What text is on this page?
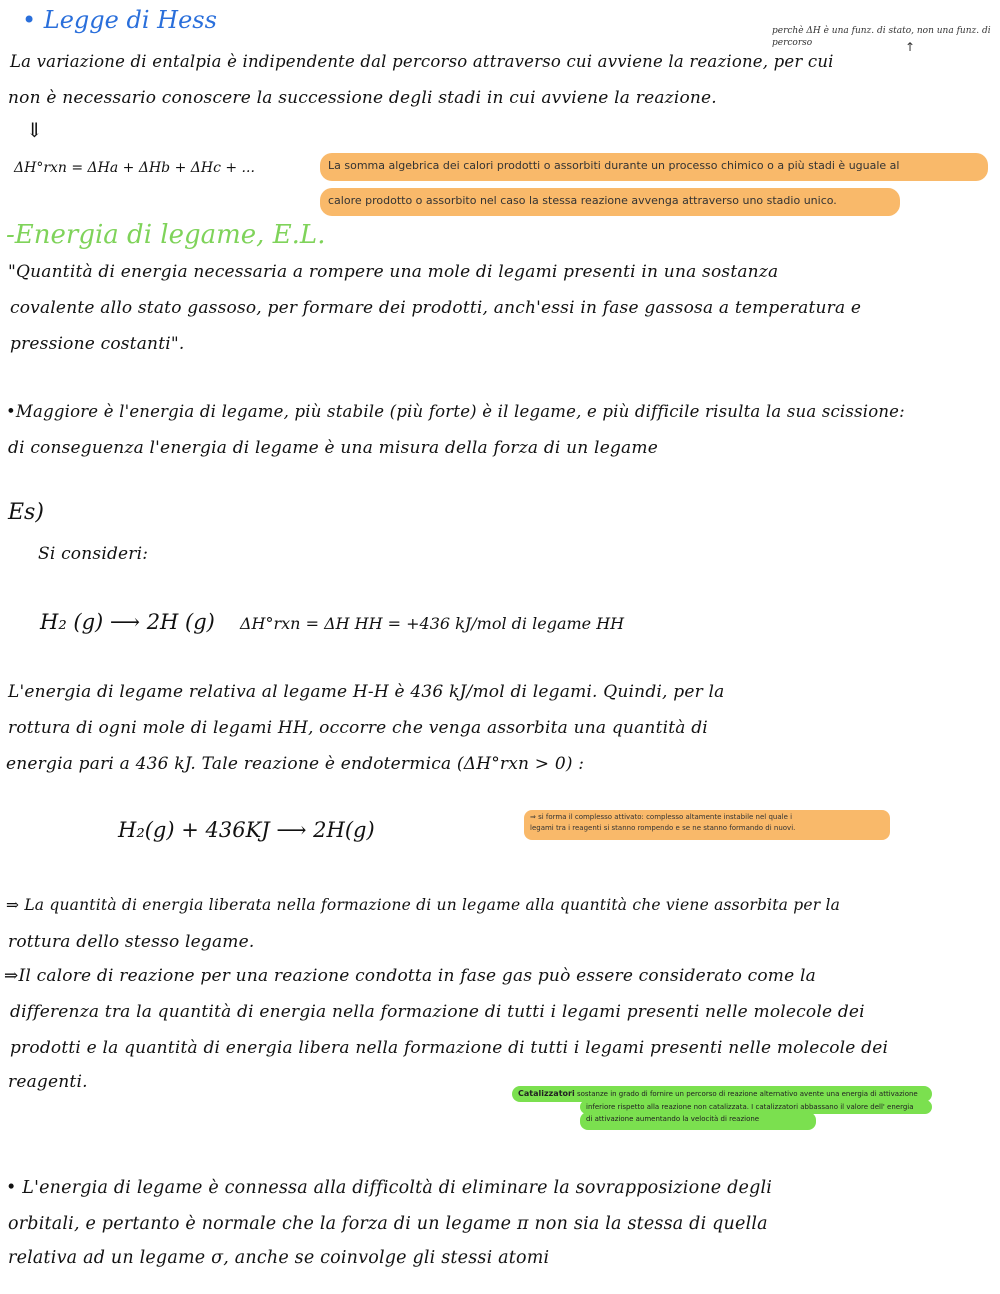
• Legge di Hess	perchè ΔH è una funz. di stato, non una funz. di
percorso	↑
La variazione di entalpia è indipendente dal percorso attraverso cui avviene la reazione, per cui
non è necessario conoscere la successione degli stadi in cui avviene la reazione.
⇓
ΔH°rxn = ΔHa + ΔHb + ΔHc + ...	La somma algebrica dei calori prodotti o assorbiti durante un processo chimico o a più stadi è uguale al
calore prodotto o assorbito nel caso la stessa reazione avvenga attraverso uno stadio unico.
-Energia di legame, E.L.
"Quantità di energia necessaria a rompere una mole di legami presenti in una sostanza
covalente allo stato gassoso, per formare dei prodotti, anch'essi in fase gassosa a temperatura e
pressione costanti".
•Maggiore è l'energia di legame, più stabile (più forte) è il legame, e più difficile risulta la sua scissione:
di conseguenza l'energia di legame è una misura della forza di un legame
Es)
Si consideri:
H₂ (g) ⟶ 2H (g) ΔH°rxn = ΔH HH = +436 kJ/mol di legame HH
L'energia di legame relativa al legame H-H è 436 kJ/mol di legami. Quindi, per la
rottura di ogni mole di legami HH, occorre che venga assorbita una quantità di
energia pari a 436 kJ. Tale reazione è endotermica (ΔH°rxn > 0) :
H₂(g) + 436KJ ⟶ 2H(g)
⇒ si forma il complesso attivato: complesso altamente instabile nel quale i
legami tra i reagenti si stanno rompendo e se ne stanno formando di nuovi.
⇒ La quantità di energia liberata nella formazione di un legame alla quantità che viene assorbita per la
rottura dello stesso legame.
⇒Il calore di reazione per una reazione condotta in fase gas può essere considerato come la
differenza tra la quantità di energia nella formazione di tutti i legami presenti nelle molecole dei
prodotti e la quantità di energia libera nella formazione di tutti i legami presenti nelle molecole dei
reagenti.
Catalizzatori sostanze in grado di fornire un percorso di reazione alternativo avente una energia di attivazione
inferiore rispetto alla reazione non catalizzata. I catalizzatori abbassano il valore dell' energia
di attivazione aumentando la velocità di reazione
• L'energia di legame è connessa alla difficoltà di eliminare la sovrapposizione degli
orbitali, e pertanto è normale che la forza di un legame π non sia la stessa di quella
relativa ad un legame σ, anche se coinvolge gli stessi atomi
